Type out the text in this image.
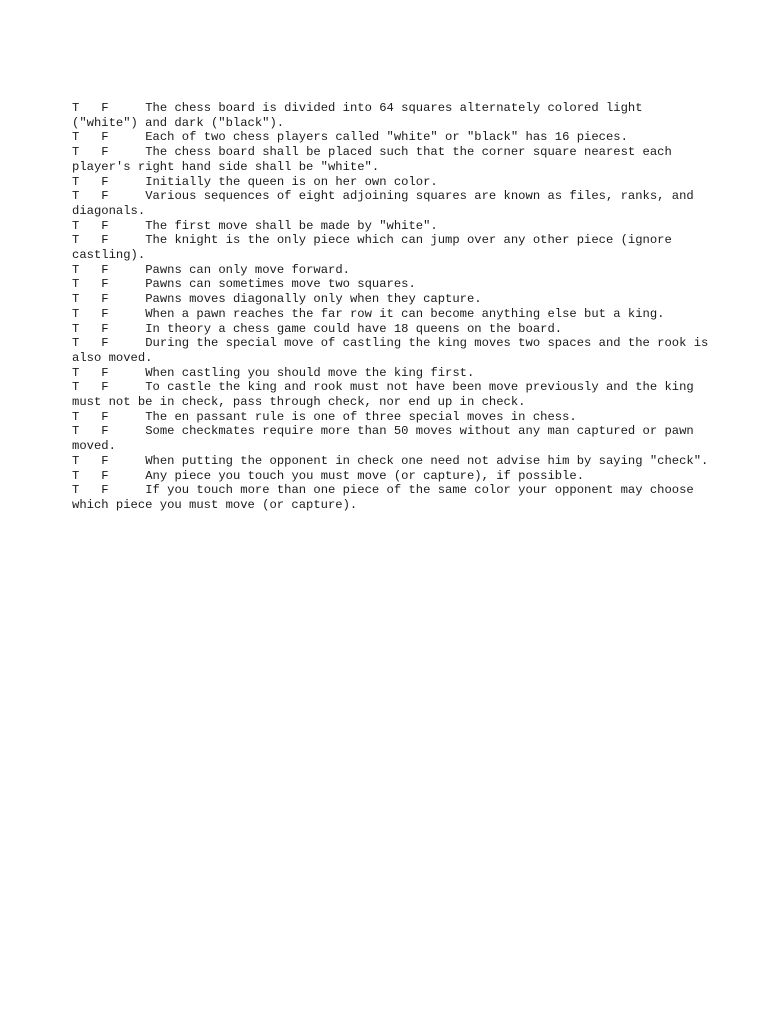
T F	The chess board is divided into 64 squares alternately colored light ("white") and dark ("black").

T F	Each of two chess players called "white" or "black" has 16 pieces.

T F	The chess board shall be placed such that the corner square nearest each player's right hand side shall be "white".

T F	Initially the queen is on her own color.

T F	Various sequences of eight adjoining squares are known as files, ranks, and diagonals.

T F	The first move shall be made by "white".

T F	The knight is the only piece which can jump over any other piece (ignore castling).

T F	Pawns can only move forward.

T F	Pawns can sometimes move two squares.

T F	Pawns moves diagonally only when they capture.

T F	When a pawn reaches the far row it can become anything else but a king.

T F	In theory a chess game could have 18 queens on the board.

T F	During the special move of castling the king moves two spaces and the rook is also moved.

T F	When castling you should move the king first.

T F	To castle the king and rook must not have been move previously and the king must not be in check, pass through check, nor end up in check.

T F	The en passant rule is one of three special moves in chess.

T F	Some checkmates require more than 50 moves without any man captured or pawn moved.

T F	When putting the opponent in check one need not advise him by saying "check".

T F	Any piece you touch you must move (or capture), if possible.

T F	If you touch more than one piece of the same color your opponent may choose which piece you must move (or capture).
